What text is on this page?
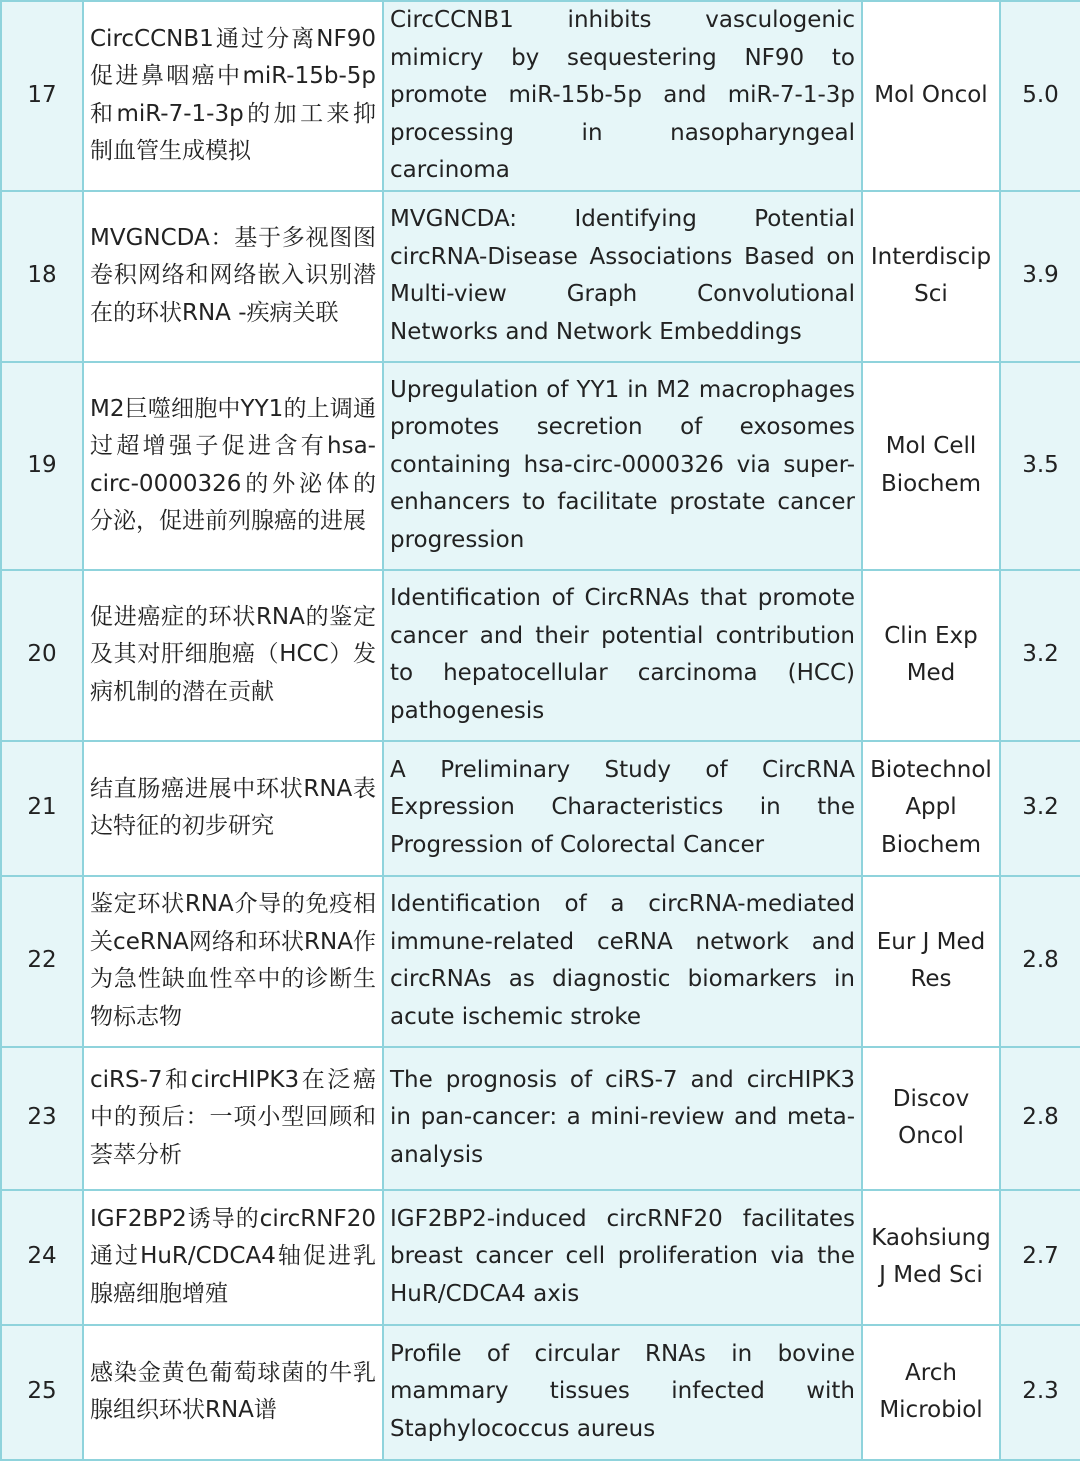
17	CircCCNB1通过分离NF90促进鼻咽癌中miR-15b-5p和miR-7-1-3p的加工来抑制血管生成模拟	CircCCNB1 inhibits vasculogenic mimicry by sequestering NF90 to promote miR-15b-5p and miR-7-1-3p processing in nasopharyngeal carcinoma	Mol Oncol	5.0
18	MVGNCDA：基于多视图图卷积网络和网络嵌入识别潜在的环状RNA -疾病关联	MVGNCDA: Identifying Potential circRNA-Disease Associations Based on Multi-view Graph Convolutional Networks and Network Embeddings	Interdiscip Sci	3.9
19	M2巨噬细胞中YY1的上调通过超增强子促进含有hsa-circ-0000326的外泌体的分泌，促进前列腺癌的进展	Upregulation of YY1 in M2 macrophages promotes secretion of exosomes containing hsa-circ-0000326 via super-enhancers to facilitate prostate cancer progression	Mol Cell Biochem	3.5
20	促进癌症的环状RNA的鉴定及其对肝细胞癌（HCC）发病机制的潜在贡献	Identification of CircRNAs that promote cancer and their potential contribution to hepatocellular carcinoma (HCC) pathogenesis	Clin Exp Med	3.2
21	结直肠癌进展中环状RNA表达特征的初步研究	A Preliminary Study of CircRNA Expression Characteristics in the Progression of Colorectal Cancer	Biotechnol Appl Biochem	3.2
22	鉴定环状RNA介导的免疫相关ceRNA网络和环状RNA作为急性缺血性卒中的诊断生物标志物	Identification of a circRNA-mediated immune-related ceRNA network and circRNAs as diagnostic biomarkers in acute ischemic stroke	Eur J Med Res	2.8
23	ciRS-7和circHIPK3在泛癌中的预后：一项小型回顾和荟萃分析	The prognosis of ciRS-7 and circHIPK3 in pan-cancer: a mini-review and meta-analysis	Discov Oncol	2.8
24	IGF2BP2诱导的circRNF20通过HuR/CDCA4轴促进乳腺癌细胞增殖	IGF2BP2-induced circRNF20 facilitates breast cancer cell proliferation via the HuR/CDCA4 axis	Kaohsiung J Med Sci	2.7
25	感染金黄色葡萄球菌的牛乳腺组织环状RNA谱	Profile of circular RNAs in bovine mammary tissues infected with Staphylococcus aureus	Arch Microbiol	2.3
